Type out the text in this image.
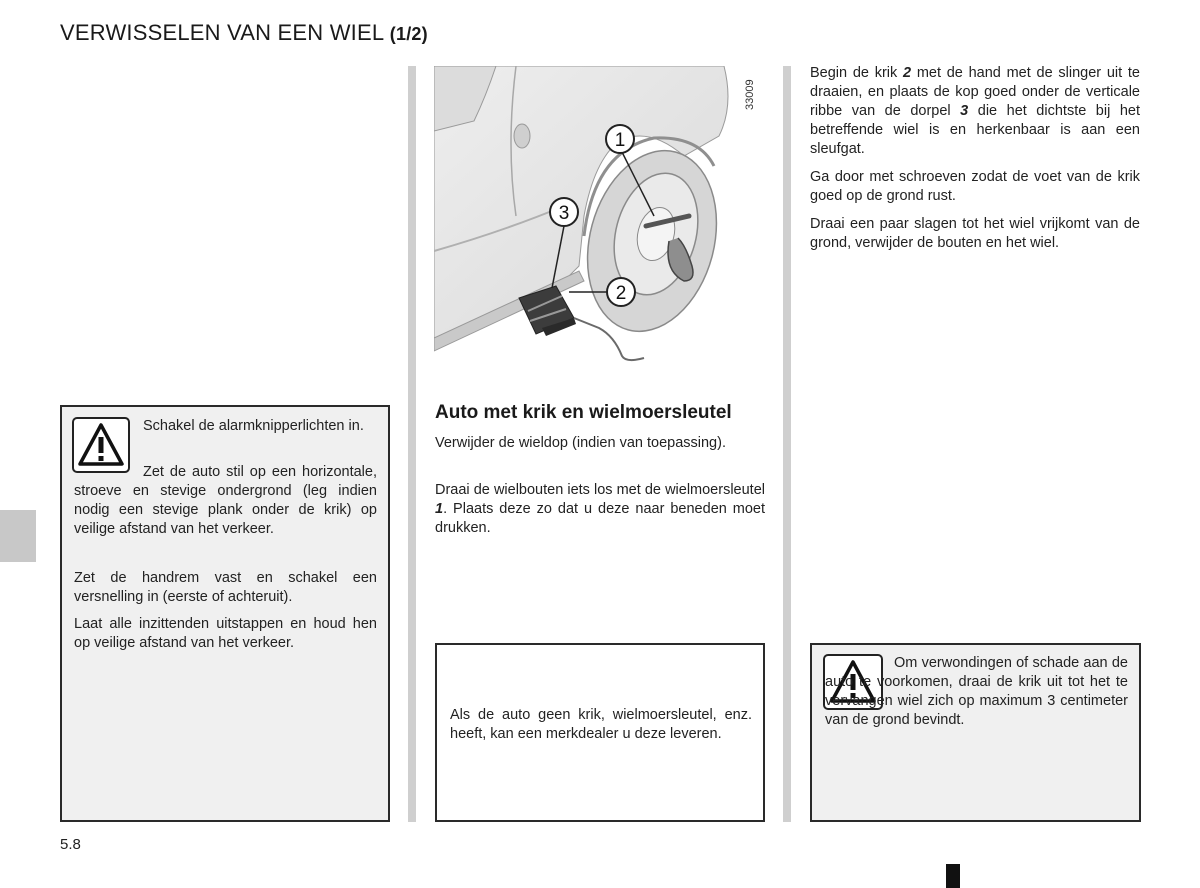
VERWISSELEN VAN EEN WIEL (1/2)
1
2
3
33009

Schakel de alarmknipperlichten in.

Zet de auto stil op een horizontale, stroeve en stevige ondergrond (leg indien nodig een stevige plank onder de krik) op veilige afstand van het verkeer.

Zet de handrem vast en schakel een versnelling in (eerste of achteruit).

Laat alle inzittenden uitstappen en houd hen op veilige afstand van het verkeer.

Auto met krik en wielmoersleutel

Verwijder de wieldop (indien van toepassing).

Draai de wielbouten iets los met de wielmoersleutel 1. Plaats deze zo dat u deze naar beneden moet drukken.

Als de auto geen krik, wielmoersleutel, enz. heeft, kan een merkdealer u deze leveren.

Begin de krik 2 met de hand met de slinger uit te draaien, en plaats de kop goed onder de verticale ribbe van de dorpel 3 die het dichtste bij het betreffende wiel is en herkenbaar is aan een sleufgat.

Ga door met schroeven zodat de voet van de krik goed op de grond rust.

Draai een paar slagen tot het wiel vrijkomt van de grond, verwijder de bouten en het wiel.

Om verwondingen of schade aan de auto te voorkomen, draai de krik uit tot het te vervangen wiel zich op maximum 3 centimeter van de grond bevindt.

5.8
